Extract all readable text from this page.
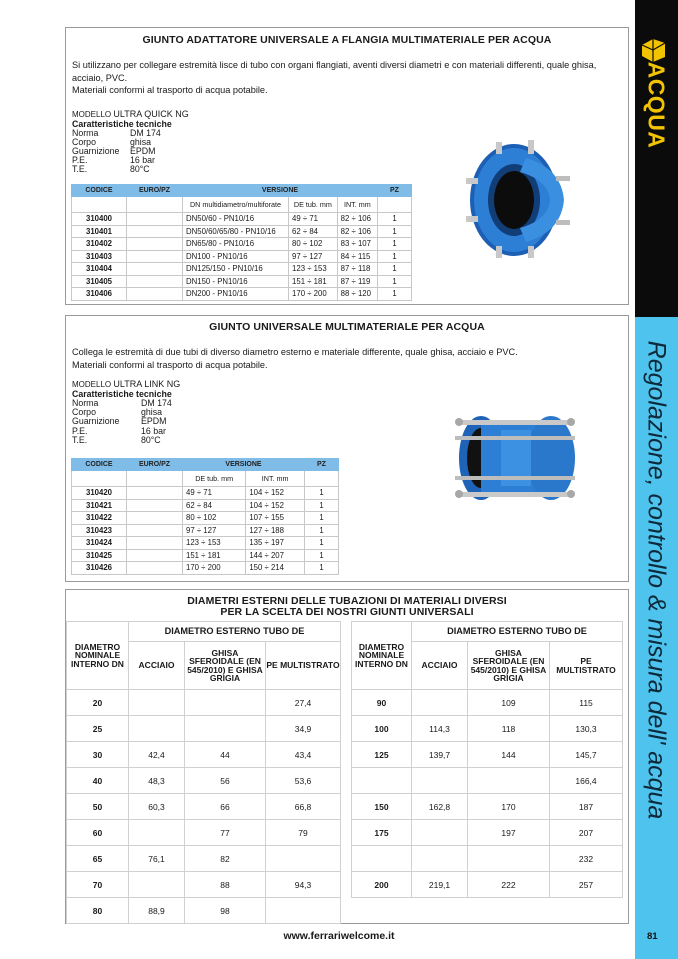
ACQUA
Regolazione, controllo & misura dell' acqua
GIUNTO ADATTATORE UNIVERSALE A FLANGIA MULTIMATERIALE PER ACQUA
Si utilizzano per collegare estremità lisce di tubo con organi flangiati, aventi diversi diametri e con materiali differenti, quale ghisa, acciaio, PVC.
Materiali conformi al trasporto di acqua potabile.
MODELLO ULTRA QUICK NG
Caratteristiche tecniche
Norma	DM 174
Corpo	ghisa
Guarnizione	EPDM
P.E.	16 bar
T.E.	80°C
CODICE	EURO/PZ	VERSIONE			PZ
		DN multidiametro/multiforate	DE tub. mm	INT. mm	
310400		DN50/60 - PN10/16	49 ÷ 71	82 ÷ 106	1
310401		DN50/60/65/80 - PN10/16	62 ÷ 84	82 ÷ 106	1
310402		DN65/80 - PN10/16	80 ÷ 102	83 ÷ 107	1
310403		DN100 - PN10/16	97 ÷ 127	84 ÷ 115	1
310404		DN125/150 - PN10/16	123 ÷ 153	87 ÷ 118	1
310405		DN150 - PN10/16	151 ÷ 181	87 ÷ 119	1
310406		DN200 - PN10/16	170 ÷ 200	88 ÷ 120	1
GIUNTO UNIVERSALE MULTIMATERIALE PER ACQUA
Collega le estremità di due tubi di diverso diametro esterno e materiale differente, quale ghisa, acciaio e PVC.
Materiali conformi al trasporto di acqua potabile.
MODELLO ULTRA LINK NG
Caratteristiche tecniche
Norma	DM 174
Corpo	ghisa
Guarnizione	EPDM
P.E.	16 bar
T.E.	80°C
CODICE	EURO/PZ	VERSIONE		PZ
		DE tub. mm	INT. mm	
310420		49 ÷ 71	104 ÷ 152	1
310421		62 ÷ 84	104 ÷ 152	1
310422		80 ÷ 102	107 ÷ 155	1
310423		97 ÷ 127	127 ÷ 188	1
310424		123 ÷ 153	135 ÷ 197	1
310425		151 ÷ 181	144 ÷ 207	1
310426		170 ÷ 200	150 ÷ 214	1
DIAMETRI ESTERNI DELLE TUBAZIONI DI MATERIALI DIVERSI
PER LA SCELTA DEI NOSTRI GIUNTI UNIVERSALI
DIAMETRO NOMINALE INTERNO DN	DIAMETRO ESTERNO TUBO DE		
	ACCIAIO	GHISA SFEROIDALE (EN 545/2010) E GHISA GRIGIA	PE MULTISTRATO
20			27,4
25			34,9
30	42,4	44	43,4
40	48,3	56	53,6
50	60,3	66	66,8
60		77	79
65	76,1	82	
70		88	94,3
80	88,9	98	
DIAMETRO NOMINALE INTERNO DN	DIAMETRO ESTERNO TUBO DE		
	ACCIAIO	GHISA SFEROIDALE (EN 545/2010) E GHISA GRIGIA	PE MULTISTRATO
90		109	115
100	114,3	118	130,3
125	139,7	144	145,7
			166,4
150	162,8	170	187
175		197	207
			232
200	219,1	222	257
www.ferrariwelcome.it	81
